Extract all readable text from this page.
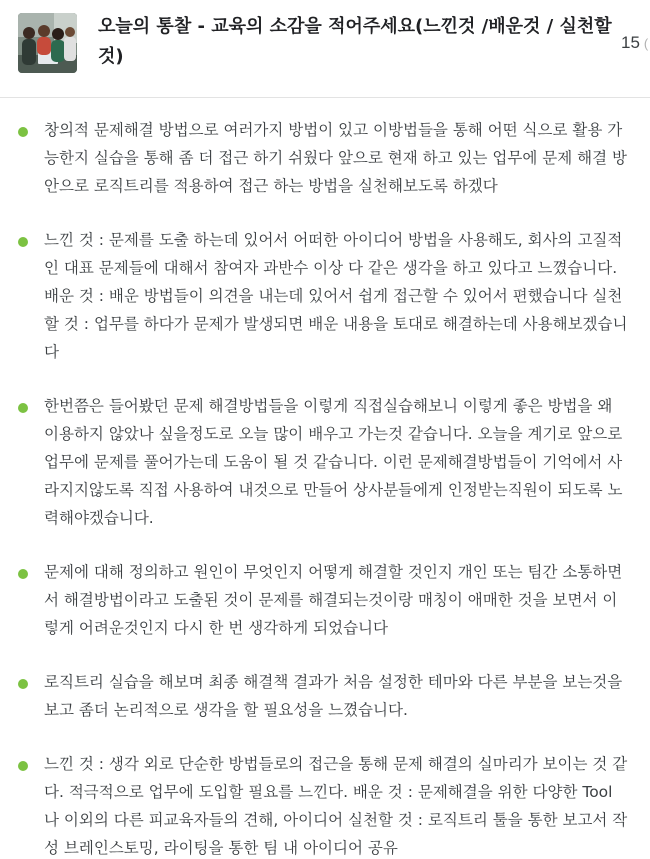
오늘의 통찰 - 교육의 소감을 적어주세요(느낀것 /배운것 / 실천할것)
15 (
창의적 문제해결 방법으로 여러가지 방법이 있고 이방법들을 통해 어떤 식으로 활용 가능한지 실습을 통해 좀 더 접근 하기 쉬웠다 앞으로 현재 하고 있는 업무에 문제 해결 방안으로 로직트리를 적용하여 접근 하는 방법을 실천해보도록 하겠다
느낀 것 : 문제를 도출 하는데 있어서 어떠한 아이디어 방법을 사용해도, 회사의 고질적인 대표 문제들에 대해서 참여자 과반수 이상 다 같은 생각을 하고 있다고 느꼈습니다. 배운 것 : 배운 방법들이 의견을 내는데 있어서 쉽게 접근할 수 있어서 편했습니다 실천할 것 : 업무를 하다가 문제가 발생되면 배운 내용을 토대로 해결하는데 사용해보겠습니다
한번쯤은 들어봤던 문제 해결방법들을 이렇게 직접실습해보니 이렇게 좋은 방법을 왜 이용하지 않았나 싶을정도로 오늘 많이 배우고 가는것 같습니다. 오늘을 계기로 앞으로 업무에 문제를 풀어가는데 도움이 될 것 같습니다. 이런 문제해결방법들이 기억에서 사라지지않도록 직접 사용하여 내것으로 만들어 상사분들에게 인정받는직원이 되도록 노력해야겠습니다.
문제에 대해 정의하고 원인이 무엇인지 어떻게 해결할 것인지 개인 또는 팀간 소통하면서 해결방법이라고 도출된 것이 문제를 해결되는것이랑 매칭이 애매한 것을 보면서 이렇게 어려운것인지 다시 한 번 생각하게 되었습니다
로직트리 실습을 해보며 최종 해결책 결과가 처음 설정한 테마와 다른 부분을 보는것을 보고 좀더 논리적으로 생각을 할 필요성을 느꼈습니다.
느낀 것 : 생각 외로 단순한 방법들로의 접근을 통해 문제 해결의 실마리가 보이는 것 같다. 적극적으로 업무에 도입할 필요를 느낀다. 배운 것 : 문제해결을 위한 다양한 Tool 나 이외의 다른 피교육자들의 견해, 아이디어 실천할 것 : 로직트리 툴을 통한 보고서 작성 브레인스토밍, 라이팅을 통한 팀 내 아이디어 공유
